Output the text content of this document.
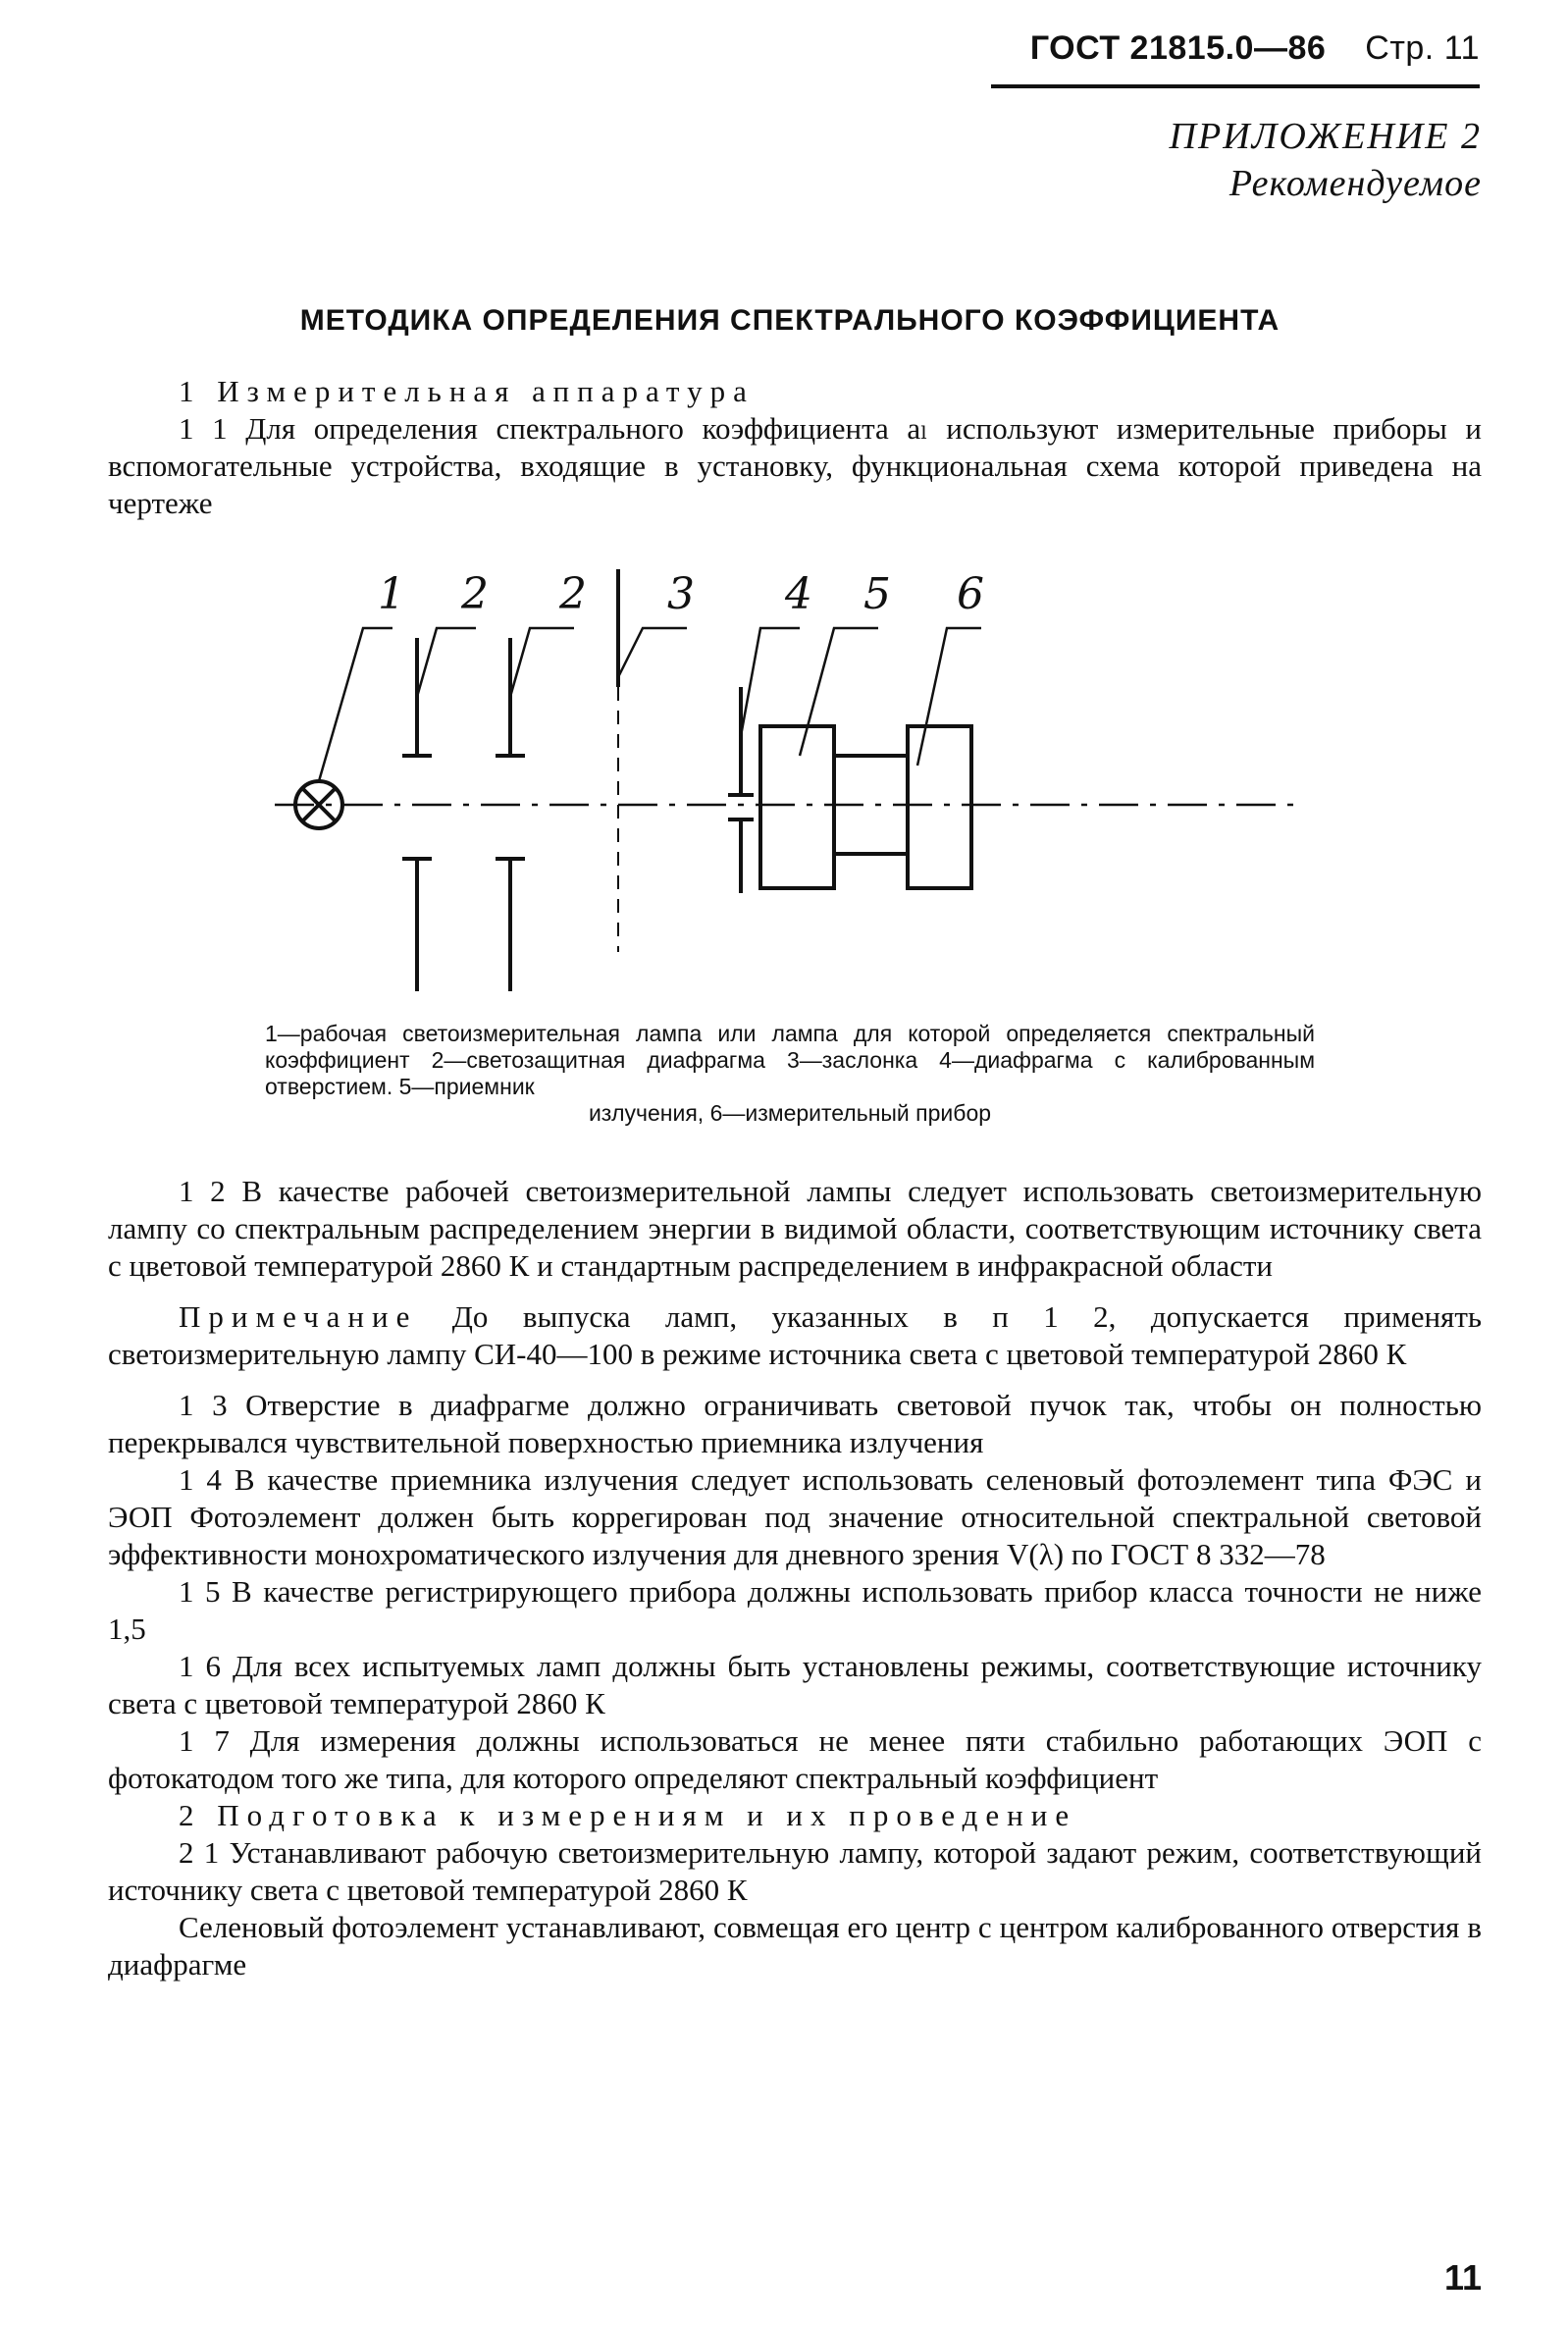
ГОСТ 21815.0—86 Стр. 11
ПРИЛОЖЕНИЕ 2
Рекомендуемое
МЕТОДИКА ОПРЕДЕЛЕНИЯ СПЕКТРАЛЬНОГО КОЭФФИЦИЕНТА

1 Измерительная аппаратура

1 1 Для определения спектрального коэффициента аₗ используют измерительные приборы и вспомогательные устройства, входящие в установку, функциональная схема которой приведена на чертеже

1 2 2 3 4 5 6

1—рабочая светоизмерительная лампа или лампа для которой определяется спектральный коэффициент 2—светозащитная диафрагма 3—заслонка 4—диафрагма с калиброванным отверстием. 5—приемник

излучения, 6—измерительный прибор

1 2 В качестве рабочей светоизмерительной лампы следует использовать светоизмерительную лампу со спектральным распределением энергии в видимой области, соответствующим источнику света с цветовой температурой 2860 К и стандартным распределением в инфракрасной области

Примечание До выпуска ламп, указанных в п 1 2, допускается применять светоизмерительную лампу СИ-40—100 в режиме источника света с цветовой температурой 2860 К

1 3 Отверстие в диафрагме должно ограничивать световой пучок так, чтобы он полностью перекрывался чувствительной поверхностью приемника излучения

1 4 В качестве приемника излучения следует использовать селеновый фотоэлемент типа ФЭС и ЭОП Фотоэлемент должен быть коррегирован под значение относительной спектральной световой эффективности монохроматического излучения для дневного зрения V(λ) по ГОСТ 8 332—78

1 5 В качестве регистрирующего прибора должны использовать прибор класса точности не ниже 1,5

1 6 Для всех испытуемых ламп должны быть установлены режимы, соответствующие источнику света с цветовой температурой 2860 К

1 7 Для измерения должны использоваться не менее пяти стабильно работающих ЭОП с фотокатодом того же типа, для которого определяют спектральный коэффициент

2 Подготовка к измерениям и их проведение

2 1 Устанавливают рабочую светоизмерительную лампу, которой задают режим, соответствующий источнику света с цветовой температурой 2860 К

Селеновый фотоэлемент устанавливают, совмещая его центр с центром калиброванного отверстия в диафрагме

11
